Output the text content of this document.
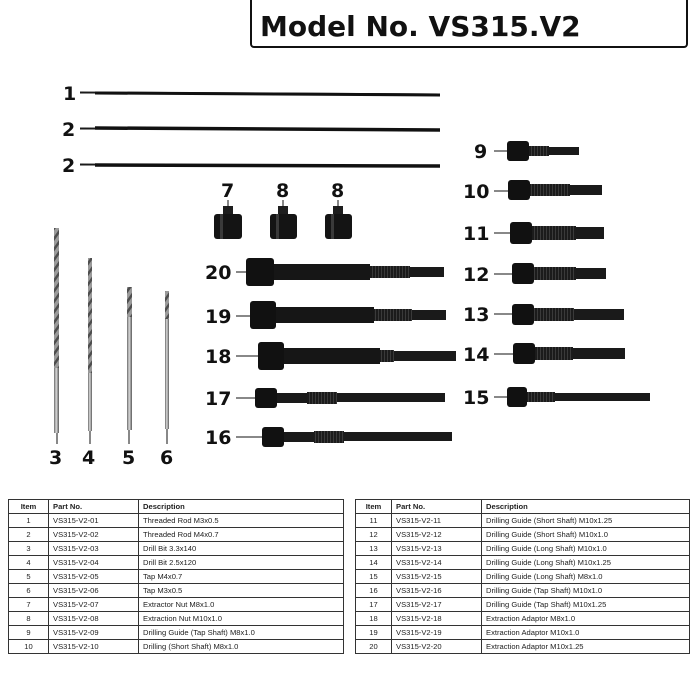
Model No. VS315.V2
1
2
2
7 8 8
9
10
11
12
13
14
15
20
19
18
17
16
3 4 5 6
Item	Part No.	Description
1	VS315-V2-01	Threaded Rod M3x0.5
2	VS315-V2-02	Threaded Rod M4x0.7
3	VS315-V2-03	Drill Bit 3.3x140
4	VS315-V2-04	Drill Bit 2.5x120
5	VS315-V2-05	Tap M4x0.7
6	VS315-V2-06	Tap M3x0.5
7	VS315-V2-07	Extractor Nut M8x1.0
8	VS315-V2-08	Extraction Nut M10x1.0
9	VS315-V2-09	Drilling Guide (Tap Shaft) M8x1.0
10	VS315-V2-10	Drilling (Short Shaft) M8x1.0
Item	Part No.	Description
11	VS315-V2-11	Drilling Guide (Short Shaft) M10x1.25
12	VS315-V2-12	Drilling Guide (Short Shaft) M10x1.0
13	VS315-V2-13	Drilling Guide (Long Shaft) M10x1.0
14	VS315-V2-14	Drilling Guide (Long Shaft) M10x1.25
15	VS315-V2-15	Drilling Guide (Long Shaft) M8x1.0
16	VS315-V2-16	Drilling Guide (Tap Shaft) M10x1.0
17	VS315-V2-17	Drilling Guide (Tap Shaft) M10x1.25
18	VS315-V2-18	Extraction Adaptor M8x1.0
19	VS315-V2-19	Extraction Adaptor M10x1.0
20	VS315-V2-20	Extraction Adaptor M10x1.25
